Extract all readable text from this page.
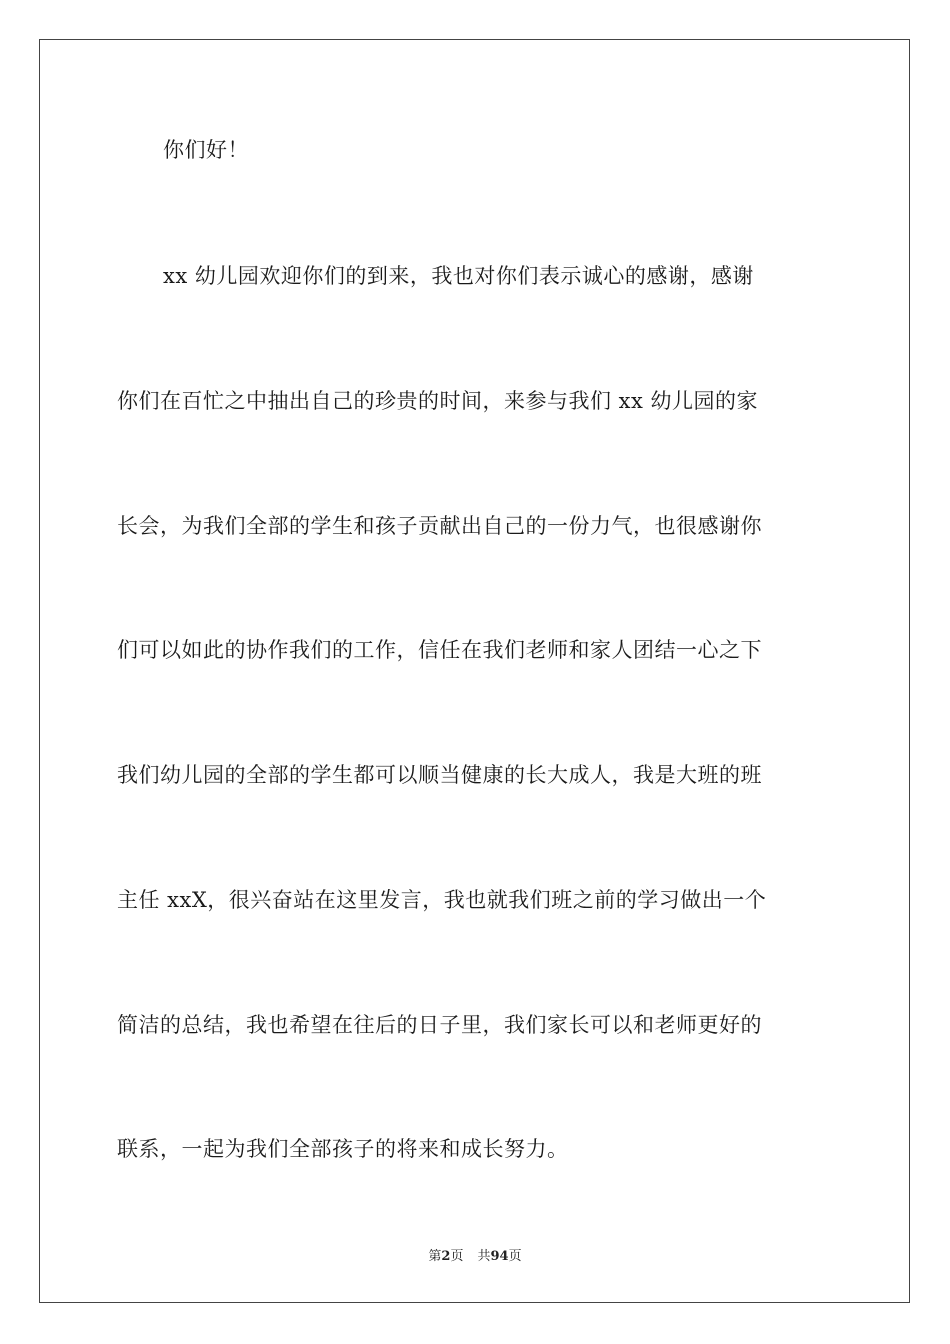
你们好！
xx 幼儿园欢迎你们的到来，我也对你们表示诚心的感谢，感谢
你们在百忙之中抽出自己的珍贵的时间，来参与我们 xx 幼儿园的家
长会，为我们全部的学生和孩子贡献出自己的一份力气，也很感谢你
们可以如此的协作我们的工作，信任在我们老师和家人团结一心之下
我们幼儿园的全部的学生都可以顺当健康的长大成人，我是大班的班
主任 xxX，很兴奋站在这里发言，我也就我们班之前的学习做出一个
简洁的总结，我也希望在往后的日子里，我们家长可以和老师更好的
联系，一起为我们全部孩子的将来和成长努力。
第2页 共94页
